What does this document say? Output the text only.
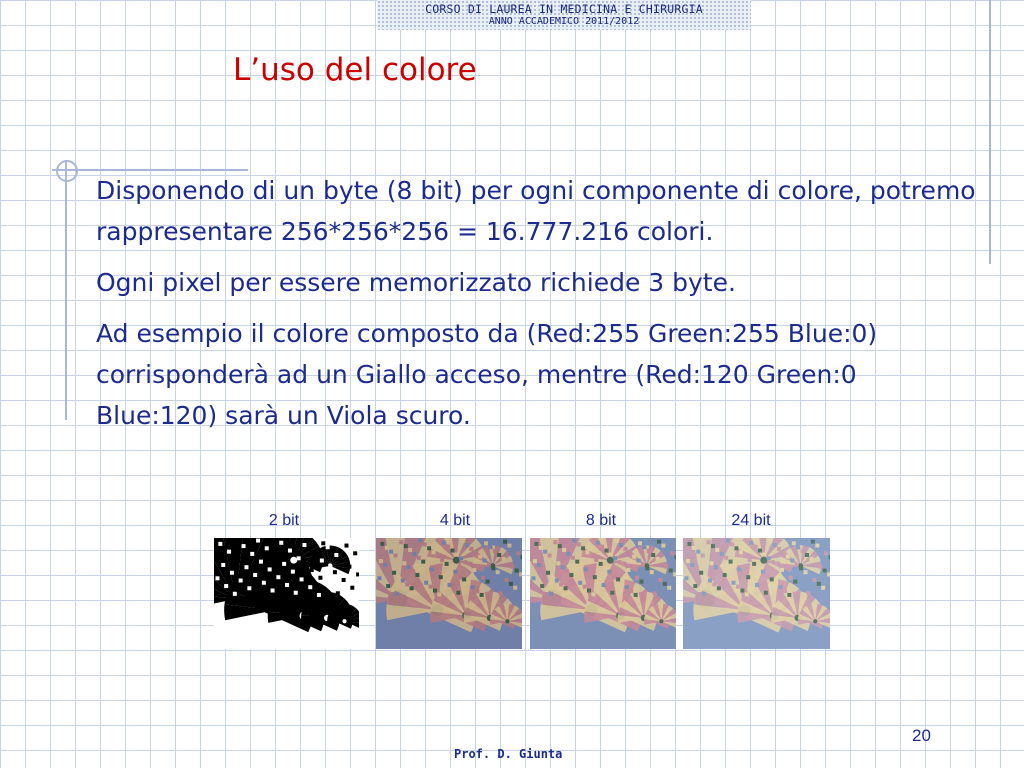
CORSO DI LAUREA IN MEDICINA E CHIRURGIA
ANNO ACCADEMICO 2011/2012
L’uso del colore

Disponendo di un byte (8 bit) per ogni componente di colore, potremo rappresentare 256*256*256 = 16.777.216 colori.

Ogni pixel per essere memorizzato richiede 3 byte.

Ad esempio il colore composto da (Red:255 Green:255 Blue:0) corrisponderà ad un Giallo acceso, mentre (Red:120 Green:0 Blue:120) sarà un Viola scuro.

2 bit	4 bit	8 bit	24 bit
20
Prof. D. Giunta
